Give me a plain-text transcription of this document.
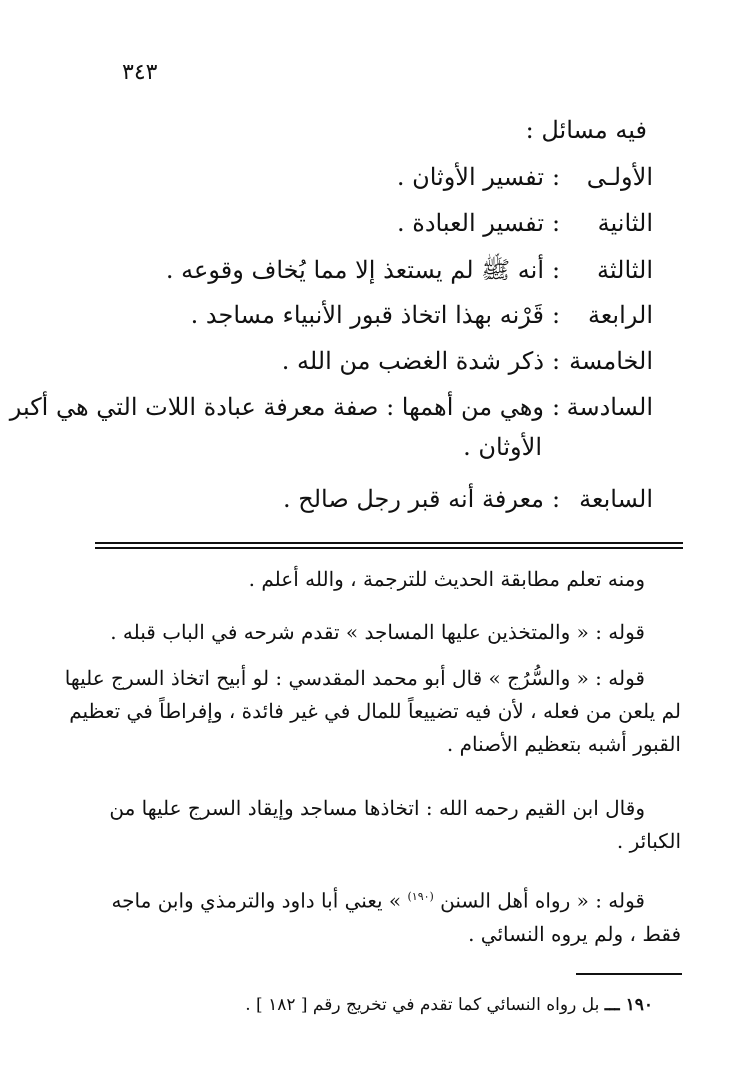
٣٤٣
فيه مسائل :
الأولـى:تفسير الأوثان .
الثانية:تفسير العبادة .
الثالثة:أنه ﷺ لم يستعذ إلا مما يُخاف وقوعه .
الرابعة:قَرْنه بهذا اتخاذ قبور الأنبياء مساجد .
الخامسة:ذكر شدة الغضب من الله .
السادسة:وهي من أهمها : صفة معرفة عبادة اللات التي هي أكبر
الأوثان .
السابعة:معرفة أنه قبر رجل صالح .
ومنه تعلم مطابقة الحديث للترجمة ، والله أعلم .
قوله : « والمتخذين عليها المساجد » تقدم شرحه في الباب قبله .
قوله : « والسُّرُج » قال أبو محمد المقدسي : لو أبيح اتخاذ السرج عليها
لم يلعن من فعله ، لأن فيه تضييعاً للمال في غير فائدة ، وإفراطاً في تعظيم
القبور أشبه بتعظيم الأصنام .
وقال ابن القيم رحمه الله : اتخاذها مساجد وإيقاد السرج عليها من
الكبائر .
قوله : « رواه أهل السنن $^{(١٩٠)}$ » يعني أبا داود والترمذي وابن ماجه
فقط ، ولم يروه النسائي .
١٩٠ ـــ بل رواه النسائي كما تقدم في تخريج رقم [ ١٨٢ ] .
